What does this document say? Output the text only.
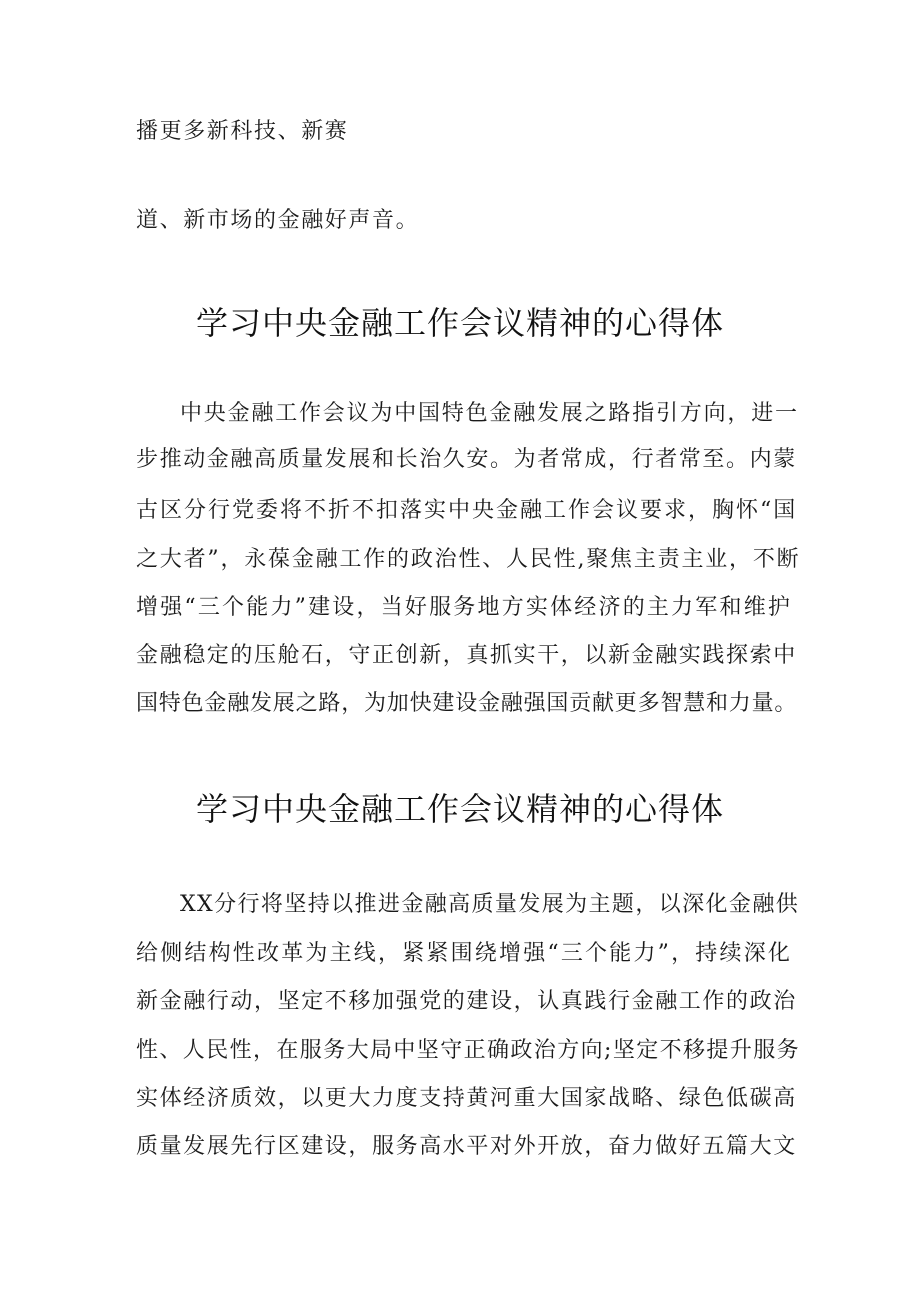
播更多新科技、新赛
道、新市场的金融好声音。
学习中央金融工作会议精神的心得体
中央金融工作会议为中国特色金融发展之路指引方向，进一
步推动金融高质量发展和长治久安。为者常成，行者常至。内蒙
古区分行党委将不折不扣落实中央金融工作会议要求，胸怀“国
之大者”，永葆金融工作的政治性、人民性,聚焦主责主业，不断
增强“三个能力”建设，当好服务地方实体经济的主力军和维护
金融稳定的压舱石，守正创新，真抓实干，以新金融实践探索中
国特色金融发展之路，为加快建设金融强国贡献更多智慧和力量。
学习中央金融工作会议精神的心得体
XX分行将坚持以推进金融高质量发展为主题，以深化金融供
给侧结构性改革为主线，紧紧围绕增强“三个能力”，持续深化
新金融行动，坚定不移加强党的建设，认真践行金融工作的政治
性、人民性，在服务大局中坚守正确政治方向;坚定不移提升服务
实体经济质效，以更大力度支持黄河重大国家战略、绿色低碳高
质量发展先行区建设，服务高水平对外开放，奋力做好五篇大文
